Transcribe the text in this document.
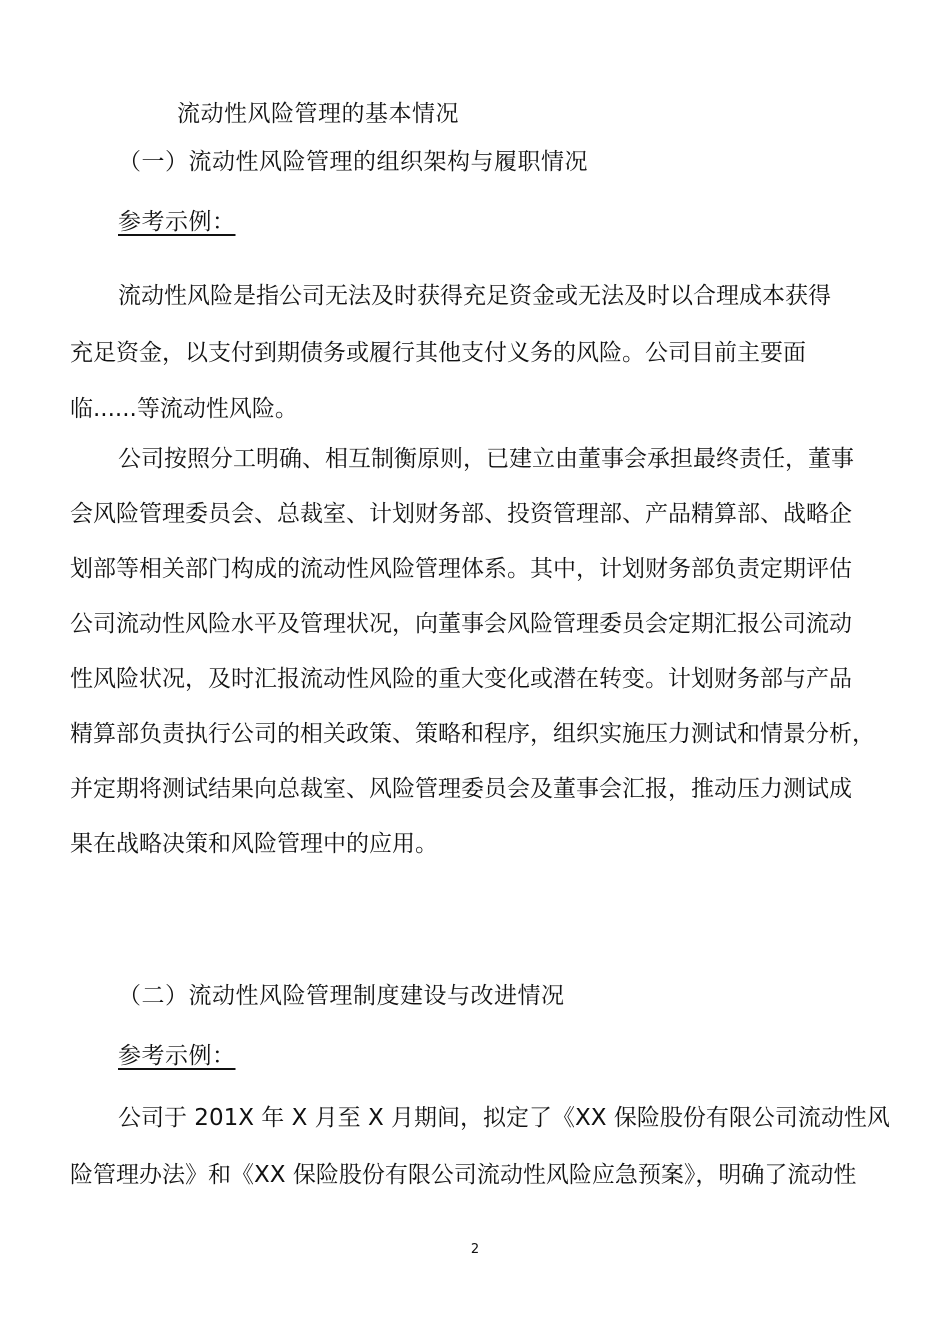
流动性风险管理的基本情况
（一）流动性风险管理的组织架构与履职情况
参考示例：
流动性风险是指公司无法及时获得充足资金或无法及时以合理成本获得
充足资金，以支付到期债务或履行其他支付义务的风险。公司目前主要面
临......等流动性风险。
公司按照分工明确、相互制衡原则，已建立由董事会承担最终责任，董事
会风险管理委员会、总裁室、计划财务部、投资管理部、产品精算部、战略企
划部等相关部门构成的流动性风险管理体系。其中，计划财务部负责定期评估
公司流动性风险水平及管理状况，向董事会风险管理委员会定期汇报公司流动
性风险状况，及时汇报流动性风险的重大变化或潜在转变。计划财务部与产品
精算部负责执行公司的相关政策、策略和程序，组织实施压力测试和情景分析，
并定期将测试结果向总裁室、风险管理委员会及董事会汇报，推动压力测试成
果在战略决策和风险管理中的应用。
（二）流动性风险管理制度建设与改进情况
参考示例：
公司于 201X 年 X 月至 X 月期间，拟定了《XX 保险股份有限公司流动性风
险管理办法》和《XX 保险股份有限公司流动性风险应急预案》，明确了流动性
2
